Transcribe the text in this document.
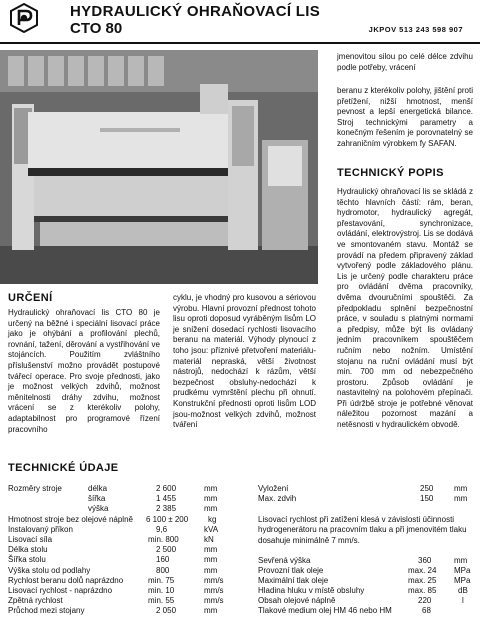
HYDRAULICKÝ OHRAŇOVACÍ LIS
CTO 80	JKPOV 513 243 598 907

jmenovitou silou po celé délce zdvihu podle potřeby, vrácení

beranu z kterékoliv polohy, jištění proti přetížení, nižší hmotnost, menší pevnost a lepší energetická bilance. Stroj technickými parametry a konečným řešením je porovnatelný se zahraničním výrobkem fy SAFAN.

TECHNICKÝ POPIS

Hydraulický ohraňovací lis se skládá z těchto hlavních částí: rám, beran, hydromotor, hydraulický agregát, přestavování, synchronizace, ovládání, elektrovýstroj. Lis se dodává ve smontovaném stavu. Montáž se provádí na předem připravený základ vytvořený podle základového plánu. Lis je určený podle charakteru práce pro ovládání dvěma pracovníky, dvěma dvouručními spouštěči. Za předpokladu splnění bezpečnostní práce, v souladu s platnými normami a předpisy, může být lis ovládaný jedním pracovníkem spouštěčem ručním nebo nožním. Umístění stojanu na ruční ovládání musí být min. 700 mm od nebezpečného prostoru. Způsob ovládání je nastavitelný na polohovém přepínači. Při údržbě stroje je potřebné věnovat náležitou pozornost mazání a netěsnosti v hydraulickém obvodě.

URČENÍ

Hydraulický ohraňovací lis CTO 80 je určený na běžné i speciální lisovací práce jako je ohýbání a profilování plechů, rovnání, tažení, děrování a vystřihování ve stojáncích. Použitím zvláštního příslušenství možno provádět postupové tvářecí operace. Pro svoje přednosti, jako je možnost velkých zdvihů, možnost měnitelnosti dráhy zdvihu, možnost vrácení se z kterékoliv polohy, adaptabilnost pro programové řízení pracovního

cyklu, je vhodný pro kusovou a sériovou výrobu. Hlavní provozní přednost tohoto lisu oproti doposud vyráběným lisům LO je snížení dosedací rychlosti lisovacího beranu na materiál. Výhody plynoucí z toho jsou: příznivé přetvoření materiálu-materiál nepraská, větší životnost nástrojů, nedochází k rázům, větší bezpečnost obsluhy-nedochází k prudkému vymrštění plechu při ohnutí. Konstrukční přednosti oproti lisům LOD jsou-možnost velkých zdvihů, možnost tváření

TECHNICKÉ ÚDAJE
Rozměry stroje	délka	2 600	mm
šířka	1 455	mm
výška	2 385	mm
Hmotnost stroje bez olejové náplně 6 100 ± 200 kg
Instalovaný příkon	9,6	kVA
Lisovací síla	min. 800	kN
Délka stolu	2 500	mm
Šířka stolu	160	mm
Výška stolu od podlahy	800	mm
Rychlost beranu dolů naprázdno	min. 75	mm/s
Lisovací rychlost - naprázdno	min. 10	mm/s
Zpětná rychlost	min. 55	mm/s
Průchod mezi stojany	2 050	mm
Vyložení	250	mm
Max. zdvih	150	mm
Lisovací rychlost při zatížení klesá v závislosti účinnosti hydrogenerátoru na pracovním tlaku a při jmenovitém tlaku dosahuje minimálně 7 mm/s.
Sevřená výška	360	mm
Provozní tlak oleje	max. 24 MPa
Maximální tlak oleje	max. 25 MPa
Hladina hluku v místě obsluhy	max. 85	dB
Obsah olejové náplně	220	l
Tlakové medium olej HM 46 nebo HM	68
